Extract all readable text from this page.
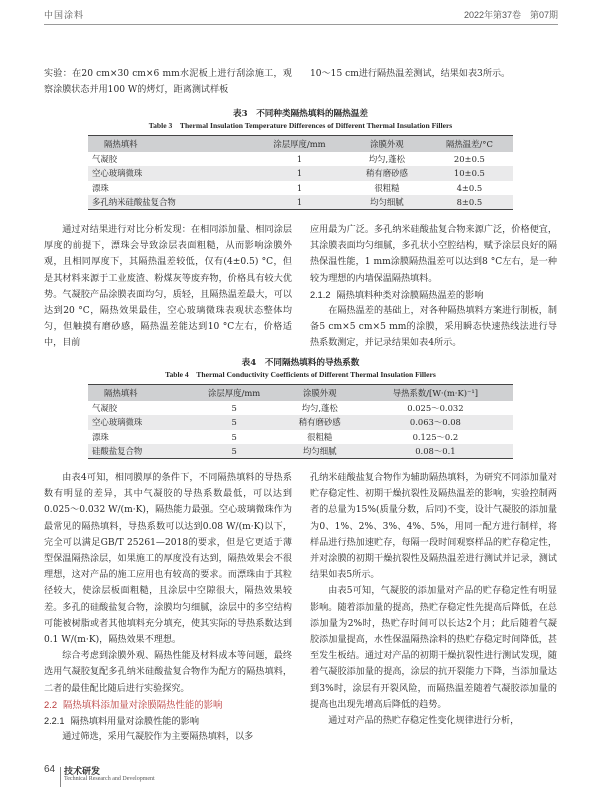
中国涂料	2022年第37卷　第07期

实验：在20 cm×30 cm×6 mm水泥板上进行刮涂施工，观察涂膜状态并用100 W的烤灯，距离测试样板

10～15 cm进行隔热温差测试，结果如表3所示。

表3　不同种类隔热填料的隔热温差
Table 3　Thermal Insulation Temperature Differences of Different Thermal Insulation Fillers
隔热填料	涂层厚度/mm	涂膜外观	隔热温差/°C
气凝胶	1	均匀,蓬松	20±0.5
空心玻璃微珠	1	稍有磨砂感	10±0.5
漂珠	1	很粗糙	4±0.5
多孔纳米硅酸盐复合物	1	均匀细腻	8±0.5

通过对结果进行对比分析发现：在相同添加量、相同涂层厚度的前提下，漂珠会导致涂层表面粗糙，从而影响涂膜外观，且相同厚度下，其隔热温差较低，仅有(4±0.5) °C，但是其材料来源于工业废渣、粉煤灰等废弃物，价格具有较大优势。气凝胶产品涂膜表面均匀，质轻，且隔热温差最大，可以达到20 °C，隔热效果最佳，空心玻璃微珠表观状态整体均匀，但触摸有磨砂感，隔热温差能达到10 °C左右，价格适中，目前

应用最为广泛。多孔纳米硅酸盐复合物来源广泛，价格便宜，其涂膜表面均匀细腻，多孔状小空腔结构，赋予涂层良好的隔热保温性能，1 mm涂膜隔热温差可以达到8 °C左右，是一种较为理想的内墙保温隔热填料。

2.1.2 隔热填料种类对涂膜隔热温差的影响

在隔热温差的基础上，对各种隔热填料方案进行制板，制备5 cm×5 cm×5 mm的涂膜，采用瞬态快速热线法进行导热系数测定，并记录结果如表4所示。

表4　不同隔热填料的导热系数
Table 4　Thermal Conductivity Coefficients of Different Thermal Insulation Fillers
隔热填料	涂层厚度/mm	涂膜外观	导热系数/[W·(m·K)⁻¹]
气凝胶	5	均匀,蓬松	0.025～0.032
空心玻璃微珠	5	稍有磨砂感	0.063～0.08
漂珠	5	很粗糙	0.125～0.2
硅酸盐复合物	5	均匀细腻	0.08～0.1

由表4可知，相同膜厚的条件下，不同隔热填料的导热系数有明显的差异，其中气凝胶的导热系数最低，可以达到0.025～0.032 W/(m·K)，隔热能力最强。空心玻璃微珠作为最常见的隔热填料，导热系数可以达到0.08 W/(m·K)以下，完全可以满足GB/T 25261—2018的要求，但是它更适于薄型保温隔热涂层，如果施工的厚度没有达到，隔热效果会不很理想，这对产品的施工应用也有较高的要求。而漂珠由于其粒径较大，使涂层板面粗糙，且涂层中空隙很大，隔热效果较差。多孔的硅酸盐复合物，涂膜均匀细腻，涂层中的多空结构可能被树脂或者其他填料充分填充，使其实际的导热系数达到0.1 W/(m·K)，隔热效果不理想。

综合考虑到涂膜外观、隔热性能及材料成本等问题，最终选用气凝胶复配多孔纳米硅酸盐复合物作为配方的隔热填料，二者的最佳配比随后进行实验探究。

2.2 隔热填料添加量对涂膜隔热性能的影响

2.2.1 隔热填料用量对涂膜性能的影响

通过筛选，采用气凝胶作为主要隔热填料，以多

孔纳米硅酸盐复合物作为辅助隔热填料，为研究不同添加量对贮存稳定性、初期干燥抗裂性及隔热温差的影响，实验控制两者的总量为15%(质量分数，后同)不变，设计气凝胶的添加量为0、1%、2%、3%、4%、5%，用同一配方进行制样，将样品进行热加速贮存，每隔一段时间观察样品的贮存稳定性，并对涂膜的初期干燥抗裂性及隔热温差进行测试并记录，测试结果如表5所示。

由表5可知，气凝胶的添加量对产品的贮存稳定性有明显影响。随着添加量的提高，热贮存稳定性先提高后降低，在总添加量为2%时，热贮存时间可以长达2个月；此后随着气凝胶添加量提高，水性保温隔热涂料的热贮存稳定时间降低，甚至发生板结。通过对产品的初期干燥抗裂性进行测试发现，随着气凝胶添加量的提高，涂层的抗开裂能力下降，当添加量达到3%时，涂层有开裂风险，而隔热温差随着气凝胶添加量的提高也出现先增高后降低的趋势。

通过对产品的热贮存稳定性变化规律进行分析，

64 技术研发
Technical Research and Development
